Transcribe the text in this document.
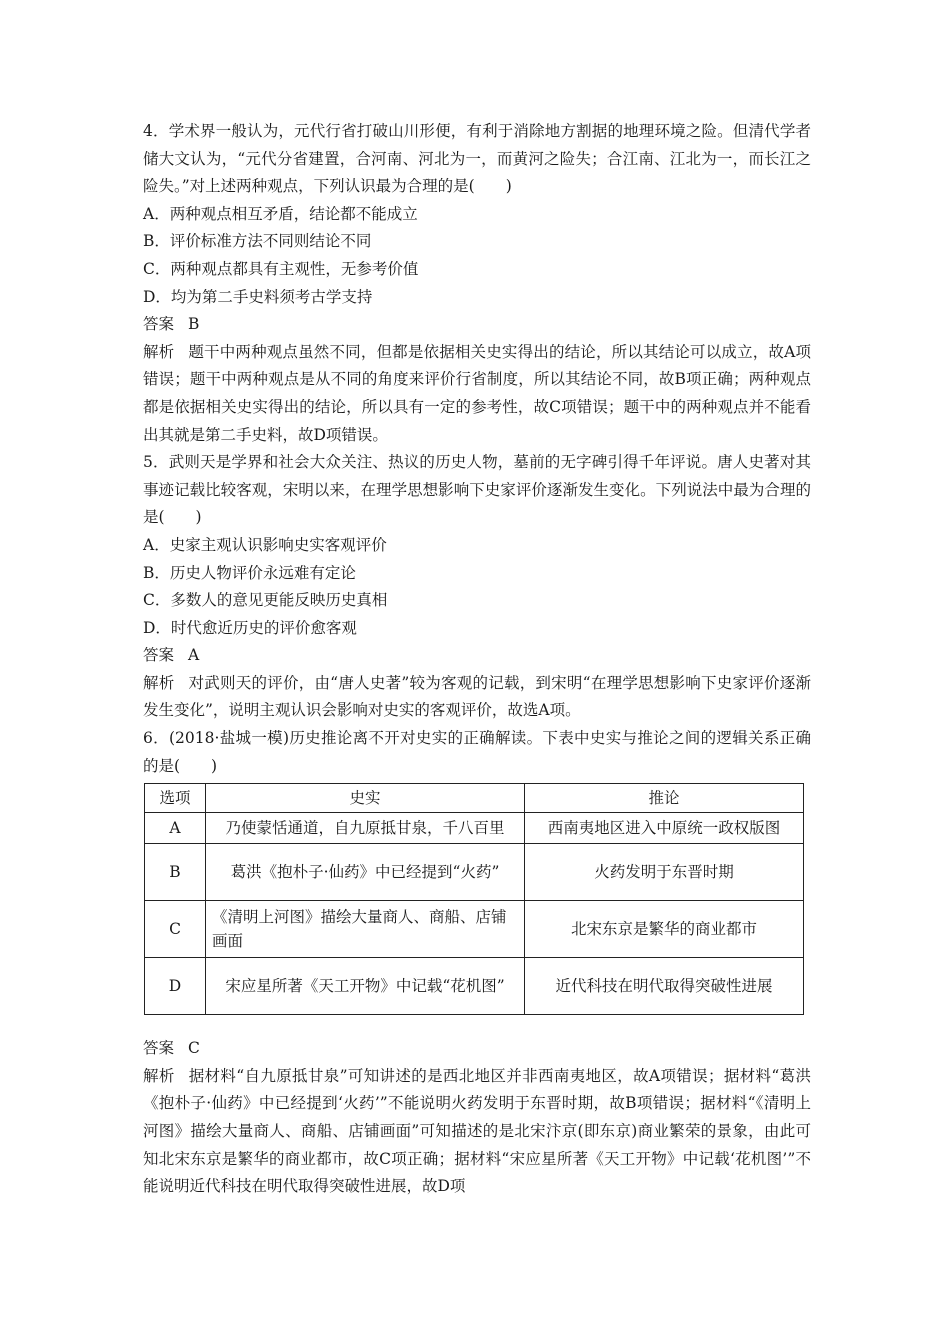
4．学术界一般认为，元代行省打破山川形便，有利于消除地方割据的地理环境之险。但清代学者储大文认为，“元代分省建置，合河南、河北为一，而黄河之险失；合江南、江北为一，而长江之险失。”对上述两种观点，下列认识最为合理的是(　　)

A．两种观点相互矛盾，结论都不能成立

B．评价标准方法不同则结论不同

C．两种观点都具有主观性，无参考价值

D．均为第二手史料须考古学支持

答案 B

解析 题干中两种观点虽然不同，但都是依据相关史实得出的结论，所以其结论可以成立，故A项错误；题干中两种观点是从不同的角度来评价行省制度，所以其结论不同，故B项正确；两种观点都是依据相关史实得出的结论，所以具有一定的参考性，故C项错误；题干中的两种观点并不能看出其就是第二手史料，故D项错误。

5．武则天是学界和社会大众关注、热议的历史人物，墓前的无字碑引得千年评说。唐人史著对其事迹记载比较客观，宋明以来，在理学思想影响下史家评价逐渐发生变化。下列说法中最为合理的是(　　)

A．史家主观认识影响史实客观评价

B．历史人物评价永远难有定论

C．多数人的意见更能反映历史真相

D．时代愈近历史的评价愈客观

答案 A

解析 对武则天的评价，由“唐人史著”较为客观的记载，到宋明“在理学思想影响下史家评价逐渐发生变化”，说明主观认识会影响对史实的客观评价，故选A项。

6．(2018·盐城一模)历史推论离不开对史实的正确解读。下表中史实与推论之间的逻辑关系正确的是(　　)

选项	史实	推论
A	乃使蒙恬通道，自九原抵甘泉，千八百里	西南夷地区进入中原统一政权版图
B	葛洪《抱朴子·仙药》中已经提到“火药”	火药发明于东晋时期
C	《清明上河图》描绘大量商人、商船、店铺画面	北宋东京是繁华的商业都市
D	宋应星所著《天工开物》中记载“花机图”	近代科技在明代取得突破性进展

答案 C

解析 据材料“自九原抵甘泉”可知讲述的是西北地区并非西南夷地区，故A项错误；据材料“葛洪《抱朴子·仙药》中已经提到‘火药’”不能说明火药发明于东晋时期，故B项错误；据材料“《清明上河图》描绘大量商人、商船、店铺画面”可知描述的是北宋汴京(即东京)商业繁荣的景象，由此可知北宋东京是繁华的商业都市，故C项正确；据材料“宋应星所著《天工开物》中记载‘花机图’”不能说明近代科技在明代取得突破性进展，故D项
